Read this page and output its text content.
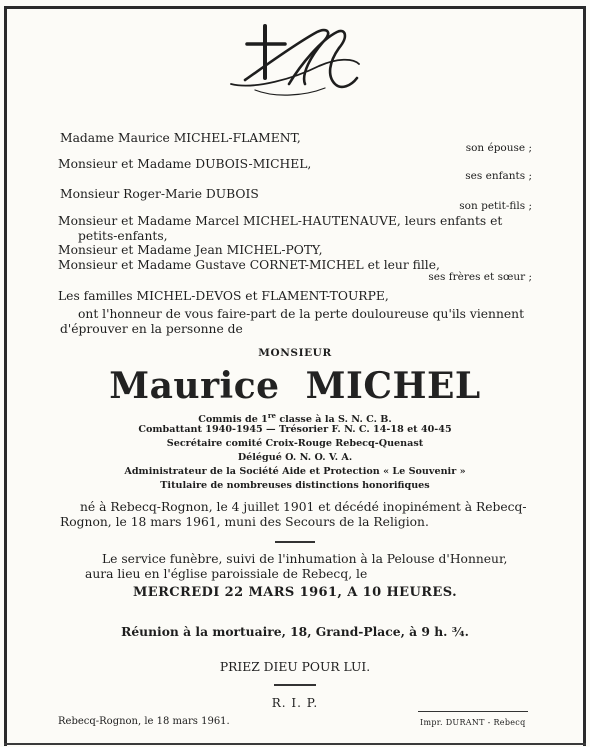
Madame Maurice MICHEL-FLAMENT,
son épouse ;
Monsieur et Madame DUBOIS-MICHEL,
ses enfants ;
Monsieur Roger-Marie DUBOIS
son petit-fils ;
Monsieur et Madame Marcel MICHEL-HAUTENAUVE, leurs enfants et
petits-enfants,
Monsieur et Madame Jean MICHEL-POTY,
Monsieur et Madame Gustave CORNET-MICHEL et leur fille,
ses frères et sœur ;
Les familles MICHEL-DEVOS et FLAMENT-TOURPE,
ont l'honneur de vous faire-part de la perte douloureuse qu'ils viennent
d'éprouver en la personne de
MONSIEUR
Maurice MICHEL
Commis de 1re classe à la S. N. C. B.
Combattant 1940-1945 — Trésorier F. N. C. 14-18 et 40-45
Secrétaire comité Croix-Rouge Rebecq-Quenast
Délégué O. N. O. V. A.
Administrateur de la Société Aide et Protection « Le Souvenir »
Titulaire de nombreuses distinctions honorifiques
né à Rebecq-Rognon, le 4 juillet 1901 et décédé inopinément à Rebecq-
Rognon, le 18 mars 1961, muni des Secours de la Religion.
Le service funèbre, suivi de l'inhumation à la Pelouse d'Honneur,
aura lieu en l'église paroissiale de Rebecq, le
MERCREDI 22 MARS 1961, A 10 HEURES.
Réunion à la mortuaire, 18, Grand-Place, à 9 h. ¾.
PRIEZ DIEU POUR LUI.
R. I. P.
Rebecq-Rognon, le 18 mars 1961.	Impr. DURANT - Rebecq
